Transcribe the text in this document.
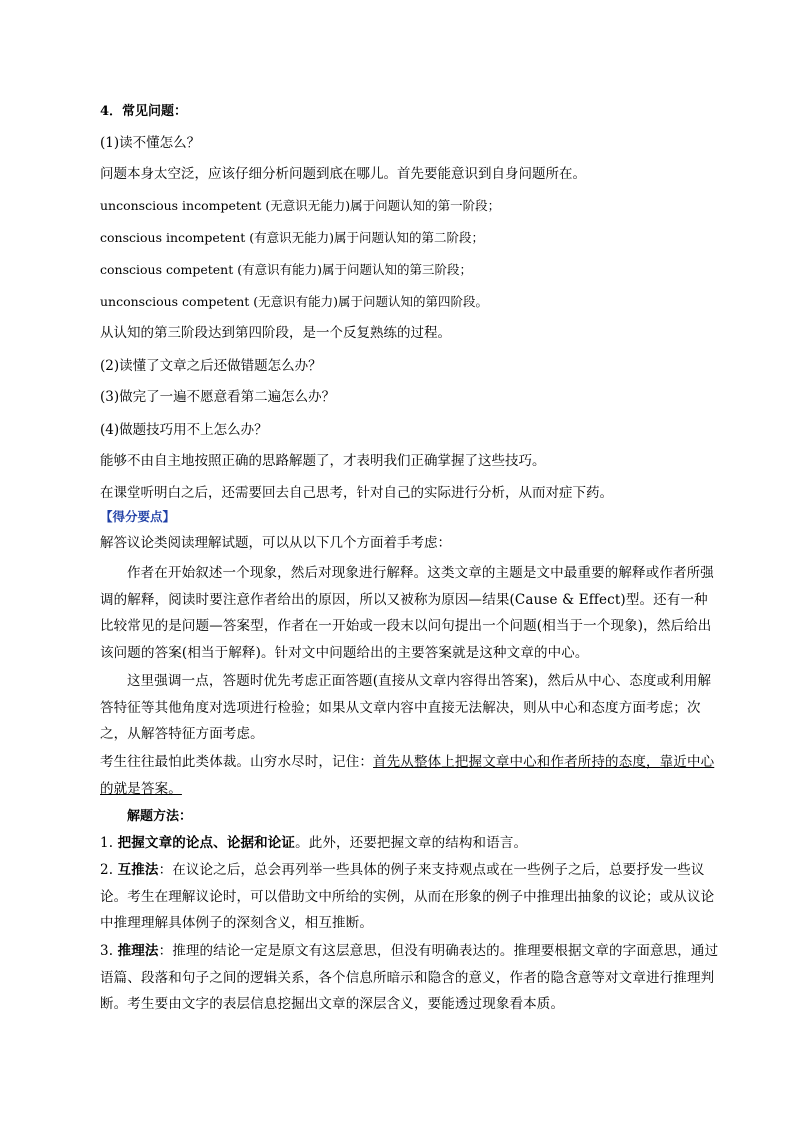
4．常见问题：
(1)读不懂怎么？
问题本身太空泛，应该仔细分析问题到底在哪儿。首先要能意识到自身问题所在。
unconscious incompetent (无意识无能力)属于问题认知的第一阶段；
conscious incompetent (有意识无能力)属于问题认知的第二阶段；
conscious competent (有意识有能力)属于问题认知的第三阶段；
unconscious competent (无意识有能力)属于问题认知的第四阶段。
从认知的第三阶段达到第四阶段，是一个反复熟练的过程。
(2)读懂了文章之后还做错题怎么办？
(3)做完了一遍不愿意看第二遍怎么办？
(4)做题技巧用不上怎么办？
能够不由自主地按照正确的思路解题了，才表明我们正确掌握了这些技巧。
在课堂听明白之后，还需要回去自己思考，针对自己的实际进行分析，从而对症下药。
【得分要点】
解答议论类阅读理解试题，可以从以下几个方面着手考虑：
作者在开始叙述一个现象，然后对现象进行解释。这类文章的主题是文中最重要的解释或作者所强调的解释，阅读时要注意作者给出的原因，所以又被称为原因—结果(Cause & Effect)型。还有一种比较常见的是问题—答案型，作者在一开始或一段末以问句提出一个问题(相当于一个现象)，然后给出该问题的答案(相当于解释)。针对文中问题给出的主要答案就是这种文章的中心。
这里强调一点，答题时优先考虑正面答题(直接从文章内容得出答案)，然后从中心、态度或利用解答特征等其他角度对选项进行检验；如果从文章内容中直接无法解决，则从中心和态度方面考虑；次之，从解答特征方面考虑。
考生往往最怕此类体裁。山穷水尽时，记住：首先从整体上把握文章中心和作者所持的态度，靠近中心的就是答案。
解题方法：
1. 把握文章的论点、论据和论证。此外，还要把握文章的结构和语言。
2. 互推法：在议论之后，总会再列举一些具体的例子来支持观点或在一些例子之后，总要抒发一些议论。考生在理解议论时，可以借助文中所给的实例，从而在形象的例子中推理出抽象的议论；或从议论中推理理解具体例子的深刻含义，相互推断。
3. 推理法：推理的结论一定是原文有这层意思，但没有明确表达的。推理要根据文章的字面意思，通过语篇、段落和句子之间的逻辑关系，各个信息所暗示和隐含的意义，作者的隐含意等对文章进行推理判断。考生要由文字的表层信息挖掘出文章的深层含义，要能透过现象看本质。
